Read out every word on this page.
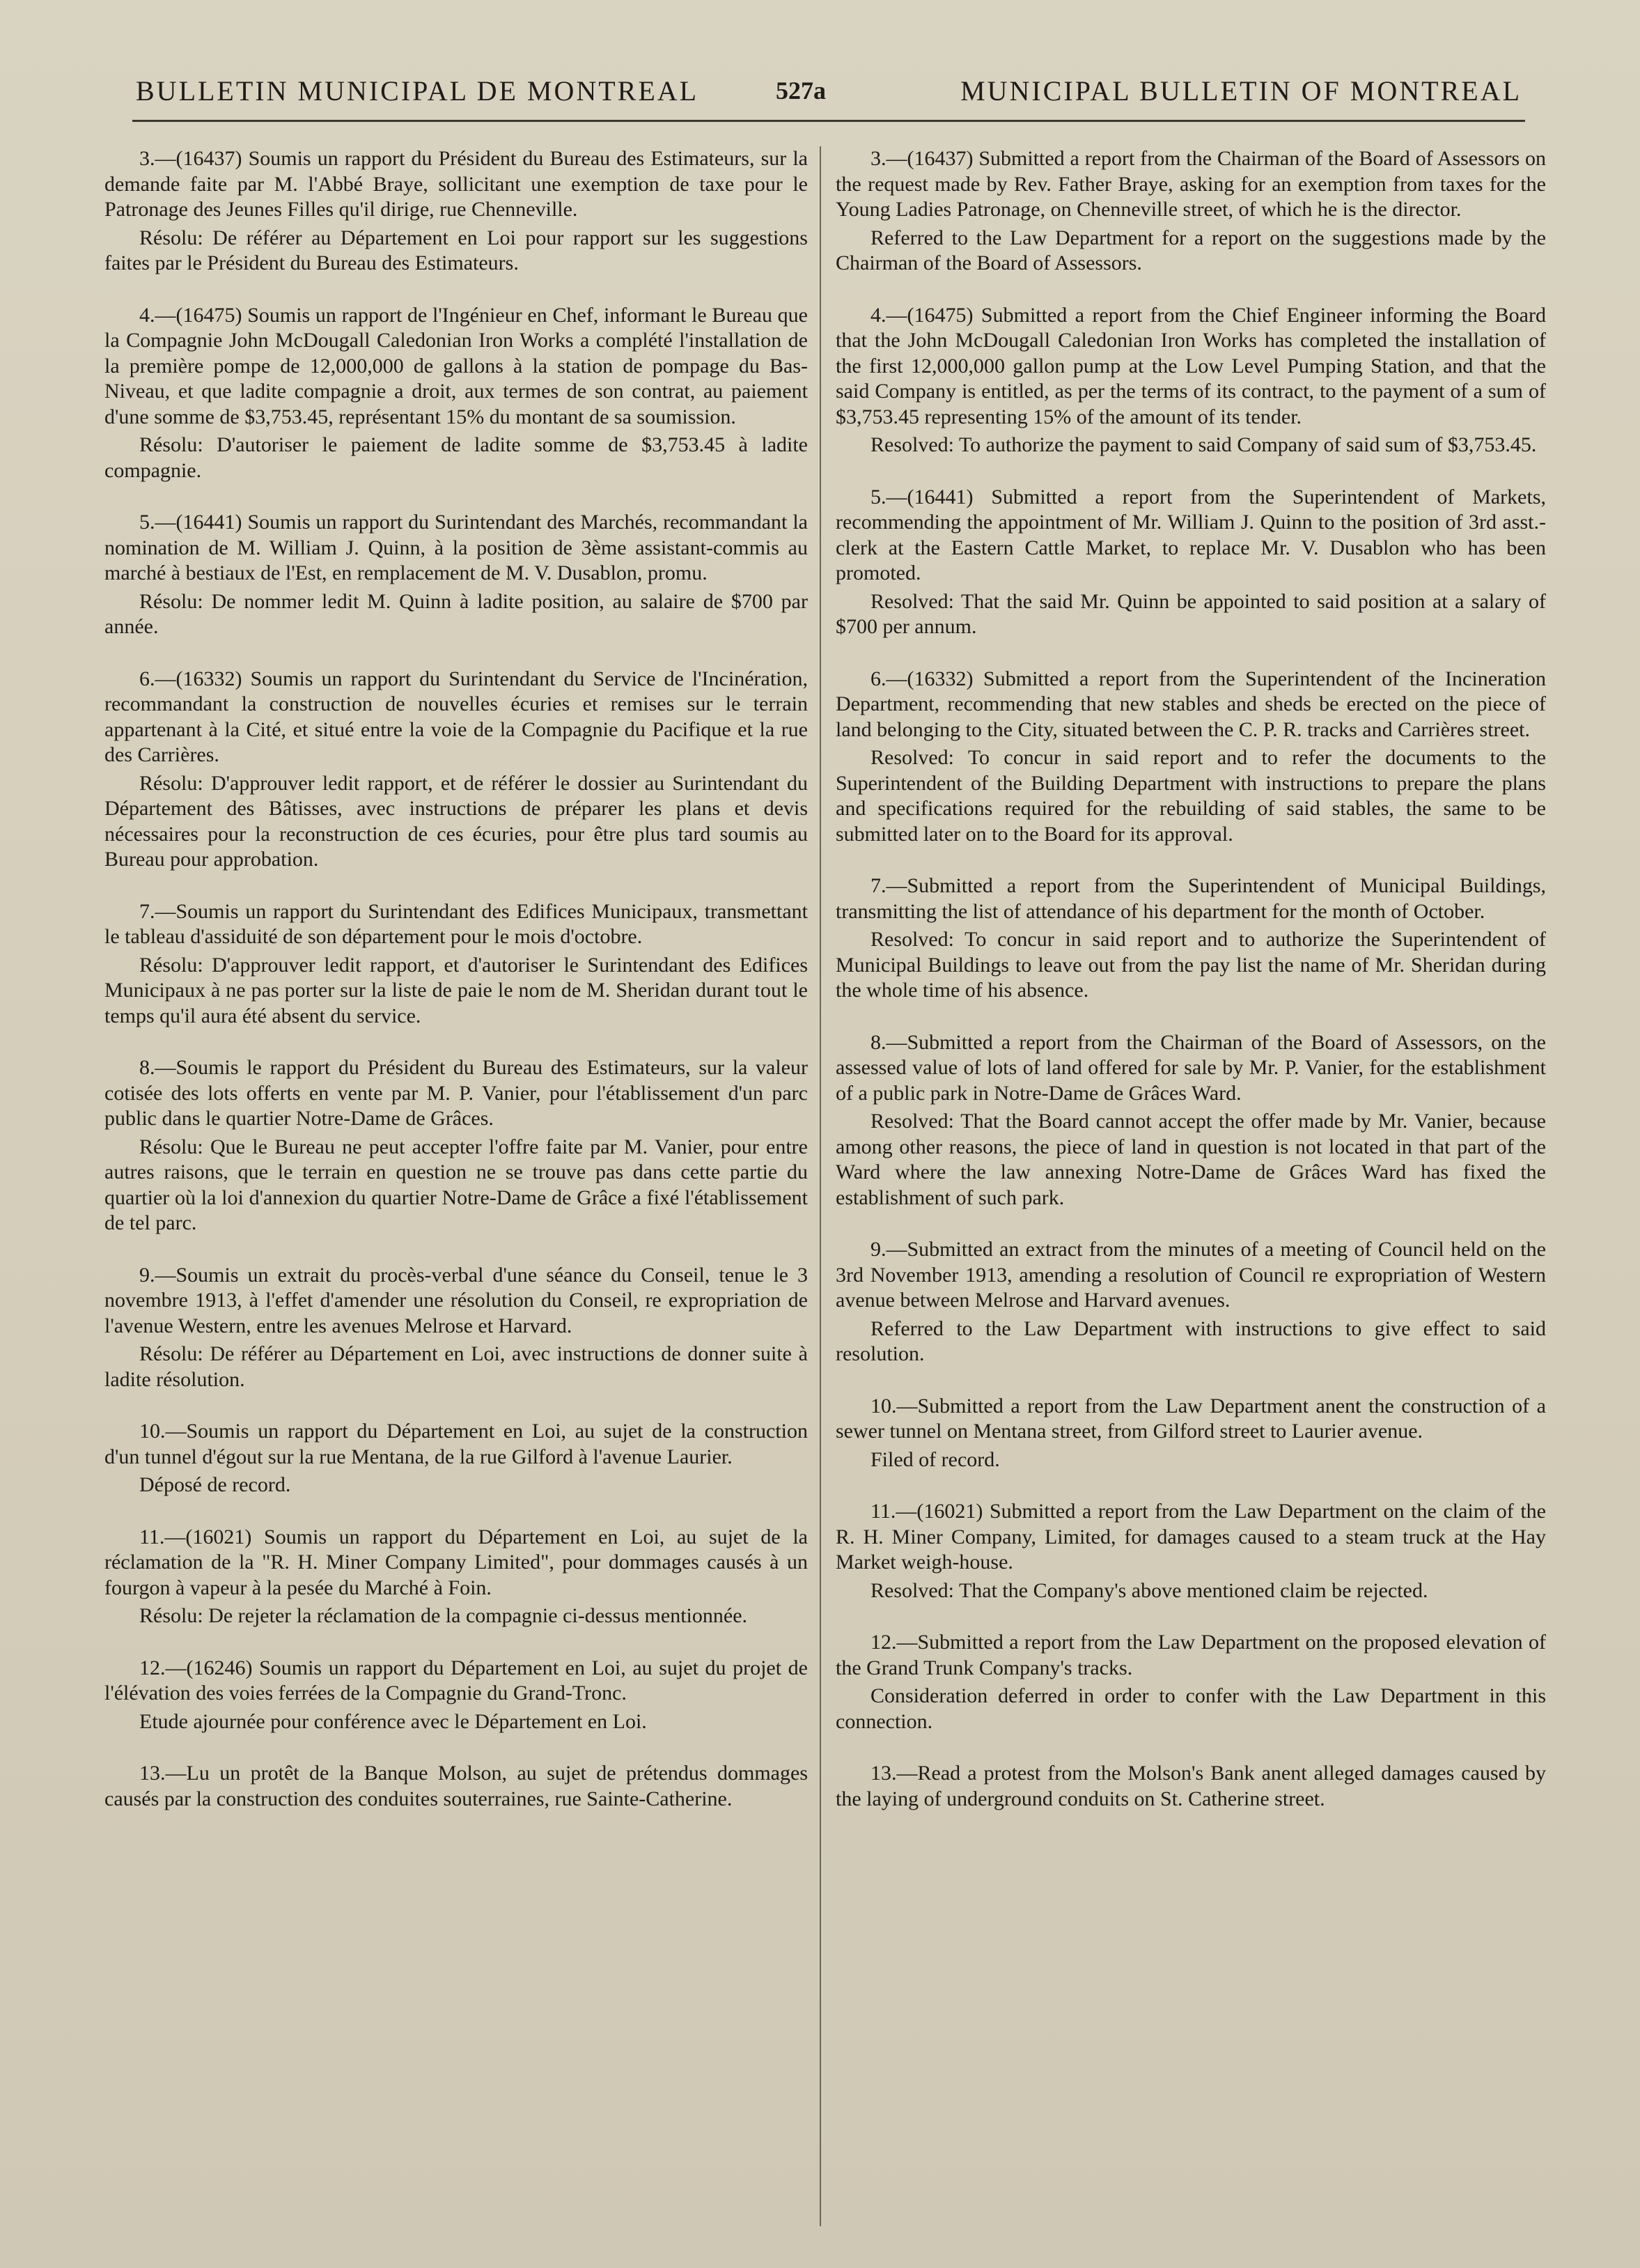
BULLETIN MUNICIPAL DE MONTREAL	527a	MUNICIPAL BULLETIN OF MONTREAL

3.—(16437) Soumis un rapport du Président du Bureau des Estimateurs, sur la demande faite par M. l'Abbé Braye, sollicitant une exemption de taxe pour le Patronage des Jeunes Filles qu'il dirige, rue Chenneville.

Résolu: De référer au Département en Loi pour rapport sur les suggestions faites par le Président du Bureau des Estimateurs.

4.—(16475) Soumis un rapport de l'Ingénieur en Chef, informant le Bureau que la Compagnie John McDougall Caledonian Iron Works a complété l'installation de la première pompe de 12,000,000 de gallons à la station de pompage du Bas-Niveau, et que ladite compagnie a droit, aux termes de son contrat, au paiement d'une somme de $3,753.45, représentant 15% du montant de sa soumission.

Résolu: D'autoriser le paiement de ladite somme de $3,753.45 à ladite compagnie.

5.—(16441) Soumis un rapport du Surintendant des Marchés, recommandant la nomination de M. William J. Quinn, à la position de 3ème assistant-commis au marché à bestiaux de l'Est, en remplacement de M. V. Dusablon, promu.

Résolu: De nommer ledit M. Quinn à ladite position, au salaire de $700 par année.

6.—(16332) Soumis un rapport du Surintendant du Service de l'Incinération, recommandant la construction de nouvelles écuries et remises sur le terrain appartenant à la Cité, et situé entre la voie de la Compagnie du Pacifique et la rue des Carrières.

Résolu: D'approuver ledit rapport, et de référer le dossier au Surintendant du Département des Bâtisses, avec instructions de préparer les plans et devis nécessaires pour la reconstruction de ces écuries, pour être plus tard soumis au Bureau pour approbation.

7.—Soumis un rapport du Surintendant des Edifices Municipaux, transmettant le tableau d'assiduité de son département pour le mois d'octobre.

Résolu: D'approuver ledit rapport, et d'autoriser le Surintendant des Edifices Municipaux à ne pas porter sur la liste de paie le nom de M. Sheridan durant tout le temps qu'il aura été absent du service.

8.—Soumis le rapport du Président du Bureau des Estimateurs, sur la valeur cotisée des lots offerts en vente par M. P. Vanier, pour l'établissement d'un parc public dans le quartier Notre-Dame de Grâces.

Résolu: Que le Bureau ne peut accepter l'offre faite par M. Vanier, pour entre autres raisons, que le terrain en question ne se trouve pas dans cette partie du quartier où la loi d'annexion du quartier Notre-Dame de Grâce a fixé l'établissement de tel parc.

9.—Soumis un extrait du procès-verbal d'une séance du Conseil, tenue le 3 novembre 1913, à l'effet d'amender une résolution du Conseil, re expropriation de l'avenue Western, entre les avenues Melrose et Harvard.

Résolu: De référer au Département en Loi, avec instructions de donner suite à ladite résolution.

10.—Soumis un rapport du Département en Loi, au sujet de la construction d'un tunnel d'égout sur la rue Mentana, de la rue Gilford à l'avenue Laurier.

Déposé de record.

11.—(16021) Soumis un rapport du Département en Loi, au sujet de la réclamation de la "R. H. Miner Company Limited", pour dommages causés à un fourgon à vapeur à la pesée du Marché à Foin.

Résolu: De rejeter la réclamation de la compagnie ci-dessus mentionnée.

12.—(16246) Soumis un rapport du Département en Loi, au sujet du projet de l'élévation des voies ferrées de la Compagnie du Grand-Tronc.

Etude ajournée pour conférence avec le Département en Loi.

13.—Lu un protêt de la Banque Molson, au sujet de prétendus dommages causés par la construction des conduites souterraines, rue Sainte-Catherine.

3.—(16437) Submitted a report from the Chairman of the Board of Assessors on the request made by Rev. Father Braye, asking for an exemption from taxes for the Young Ladies Patronage, on Chenneville street, of which he is the director.

Referred to the Law Department for a report on the suggestions made by the Chairman of the Board of Assessors.

4.—(16475) Submitted a report from the Chief Engineer informing the Board that the John McDougall Caledonian Iron Works has completed the installation of the first 12,000,000 gallon pump at the Low Level Pumping Station, and that the said Company is entitled, as per the terms of its contract, to the payment of a sum of $3,753.45 representing 15% of the amount of its tender.

Resolved: To authorize the payment to said Company of said sum of $3,753.45.

5.—(16441) Submitted a report from the Superintendent of Markets, recommending the appointment of Mr. William J. Quinn to the position of 3rd asst.-clerk at the Eastern Cattle Market, to replace Mr. V. Dusablon who has been promoted.

Resolved: That the said Mr. Quinn be appointed to said position at a salary of $700 per annum.

6.—(16332) Submitted a report from the Superintendent of the Incineration Department, recommending that new stables and sheds be erected on the piece of land belonging to the City, situated between the C. P. R. tracks and Carrières street.

Resolved: To concur in said report and to refer the documents to the Superintendent of the Building Department with instructions to prepare the plans and specifications required for the rebuilding of said stables, the same to be submitted later on to the Board for its approval.

7.—Submitted a report from the Superintendent of Municipal Buildings, transmitting the list of attendance of his department for the month of October.

Resolved: To concur in said report and to authorize the Superintendent of Municipal Buildings to leave out from the pay list the name of Mr. Sheridan during the whole time of his absence.

8.—Submitted a report from the Chairman of the Board of Assessors, on the assessed value of lots of land offered for sale by Mr. P. Vanier, for the establishment of a public park in Notre-Dame de Grâces Ward.

Resolved: That the Board cannot accept the offer made by Mr. Vanier, because among other reasons, the piece of land in question is not located in that part of the Ward where the law annexing Notre-Dame de Grâces Ward has fixed the establishment of such park.

9.—Submitted an extract from the minutes of a meeting of Council held on the 3rd November 1913, amending a resolution of Council re expropriation of Western avenue between Melrose and Harvard avenues.

Referred to the Law Department with instructions to give effect to said resolution.

10.—Submitted a report from the Law Department anent the construction of a sewer tunnel on Mentana street, from Gilford street to Laurier avenue.

Filed of record.

11.—(16021) Submitted a report from the Law Department on the claim of the R. H. Miner Company, Limited, for damages caused to a steam truck at the Hay Market weigh-house.

Resolved: That the Company's above mentioned claim be rejected.

12.—Submitted a report from the Law Department on the proposed elevation of the Grand Trunk Company's tracks.

Consideration deferred in order to confer with the Law Department in this connection.

13.—Read a protest from the Molson's Bank anent alleged damages caused by the laying of underground conduits on St. Catherine street.
